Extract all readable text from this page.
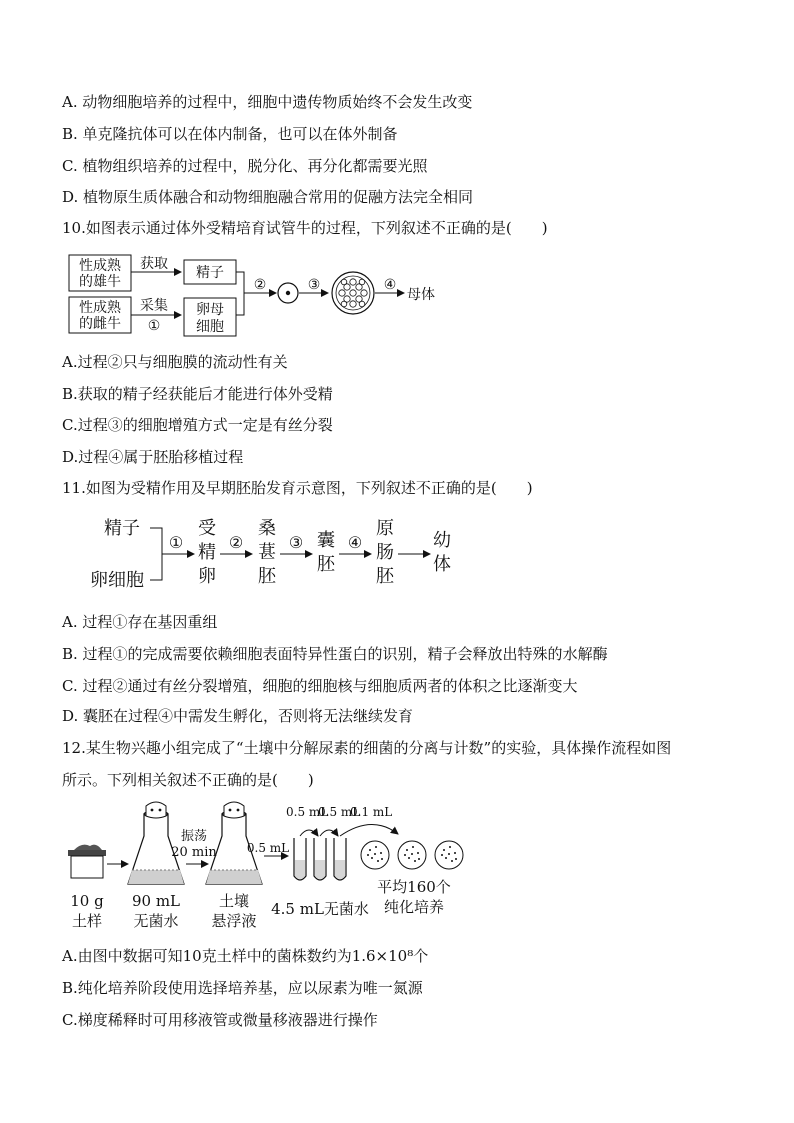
A. 动物细胞培养的过程中，细胞中遗传物质始终不会发生改变
B. 单克隆抗体可以在体内制备，也可以在体外制备
C. 植物组织培养的过程中，脱分化、再分化都需要光照
D. 植物原生质体融合和动物细胞融合常用的促融方法完全相同
10.如图表示通过体外受精培育试管牛的过程，下列叙述不正确的是(　　)
性成熟
的雄牛
获取
精子
性成熟
的雌牛
采集
①
卵母
细胞
②	③	④
母体
A.过程②只与细胞膜的流动性有关
B.获取的精子经获能后才能进行体外受精
C.过程③的细胞增殖方式一定是有丝分裂
D.过程④属于胚胎移植过程
11.如图为受精作用及早期胚胎发育示意图，下列叙述不正确的是(　　)
精子
卵细胞
①
受
精
卵
②
桑
葚
胚
③ 囊
胚
④
原
肠
胚
幼
体
A. 过程①存在基因重组
B. 过程①的完成需要依赖细胞表面特异性蛋白的识别，精子会释放出特殊的水解酶
C. 过程②通过有丝分裂增殖，细胞的细胞核与细胞质两者的体积之比逐渐变大
D. 囊胚在过程④中需发生孵化，否则将无法继续发育
12.某生物兴趣小组完成了“土壤中分解尿素的细菌的分离与计数”的实验，具体操作流程如图
所示。下列相关叙述不正确的是(　　)
振荡
20 min	0.5 mL
0.5 mL
0.5 mL
0.1 mL
10 g
土样
90 mL
无菌水
土壤
悬浮液
4.5 mL无菌水
平均160个
纯化培养
A.由图中数据可知10克土样中的菌株数约为1.6×10⁸个
B.纯化培养阶段使用选择培养基，应以尿素为唯一氮源
C.梯度稀释时可用移液管或微量移液器进行操作
